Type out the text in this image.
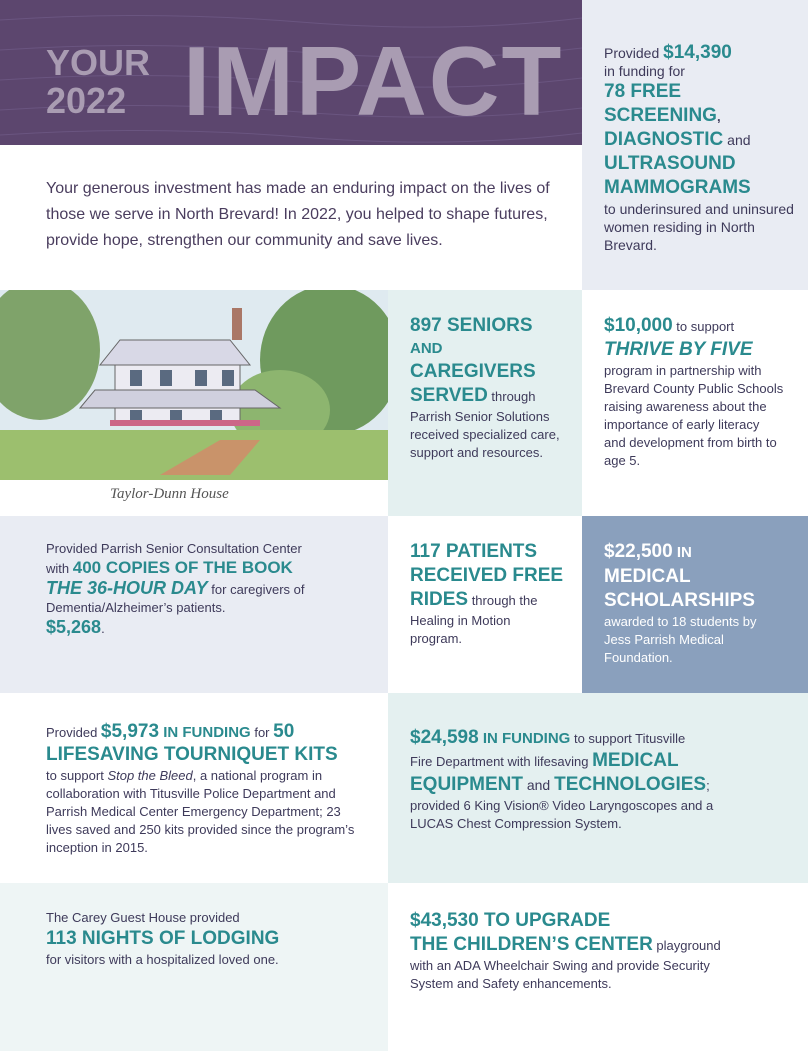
YOUR
2022 IMPACT
Your generous investment has made an enduring impact on the lives of those we serve in North Brevard! In 2022, you helped to shape futures, provide hope, strengthen our community and save lives.
Provided $14,390
in funding for
78 FREE
SCREENING,
DIAGNOSTIC and
ULTRASOUND
MAMMOGRAMS
to underinsured and uninsured women residing in North Brevard.
Taylor-Dunn House
897 SENIORS
AND
CAREGIVERS
SERVED through
Parrish Senior Solutions received specialized care, support and resources.
$10,000 to support
THRIVE BY FIVE
program in partnership with Brevard County Public Schools raising awareness about the importance of early literacy and development from birth to age 5.
Provided Parrish Senior Consultation Center
with 400 COPIES OF THE BOOK
THE 36-HOUR DAY for caregivers of
Dementia/Alzheimer’s patients.
$5,268.
117 PATIENTS
RECEIVED FREE
RIDES through the
Healing in Motion program.
$22,500 IN
MEDICAL
SCHOLARSHIPS
awarded to 18 students by Jess Parrish Medical Foundation.
Provided $5,973 IN FUNDING for 50
LIFESAVING TOURNIQUET KITS
to support Stop the Bleed, a national program in collaboration with Titusville Police Department and Parrish Medical Center Emergency Department; 23 lives saved and 250 kits provided since the program’s inception in 2015.
$24,598 IN FUNDING to support Titusville
Fire Department with lifesaving MEDICAL
EQUIPMENT and TECHNOLOGIES;
provided 6 King Vision® Video Laryngoscopes and a LUCAS Chest Compression System.
The Carey Guest House provided
113 NIGHTS OF LODGING
for visitors with a hospitalized loved one.
$43,530 TO UPGRADE
THE CHILDREN’S CENTER playground
with an ADA Wheelchair Swing and provide Security System and Safety enhancements.
